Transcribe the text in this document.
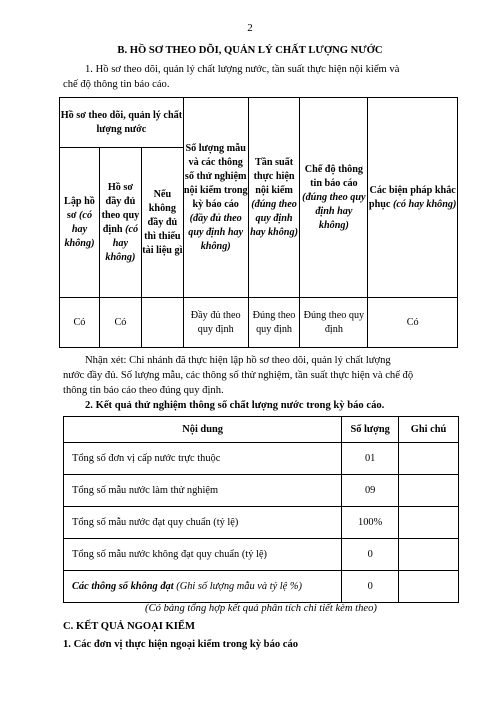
2
B. HỒ SƠ THEO DÕI, QUẢN LÝ CHẤT LƯỢNG NƯỚC
1. Hồ sơ theo dõi, quản lý chất lượng nước, tần suất thực hiện nội kiểm và
chế độ thông tin báo cáo.
Hồ sơ theo dõi, quản lý chất lượng nước			Số lượng mẫu và các thông số thử nghiệm nội kiểm trong kỳ báo cáo (đầy đủ theo quy định hay không)	Tần suất thực hiện nội kiểm (đúng theo quy định hay không)	Chế độ thông tin báo cáo (đúng theo quy định hay không)	Các biện pháp khắc phục (có hay không)
Lập hồ sơ (có hay không)	Hồ sơ đầy đủ theo quy định (có hay không)	Nếu không đầy đủ thì thiếu tài liệu gì				
Có	Có		Đầy đủ theo quy định	Đúng theo quy định	Đúng theo quy định	Có
Nhận xét: Chi nhánh đã thực hiện lập hồ sơ theo dõi, quản lý chất lượng
nước đầy đủ. Số lượng mẫu, các thông số thử nghiệm, tần suất thực hiện và chế độ
thông tin báo cáo theo đúng quy định.
2. Kết quả thử nghiệm thông số chất lượng nước trong kỳ báo cáo.
Nội dung	Số lượng	Ghi chú
Tổng số đơn vị cấp nước trực thuộc	01	
Tổng số mẫu nước làm thử nghiệm	09	
Tổng số mẫu nước đạt quy chuẩn (tỷ lệ)	100%	
Tổng số mẫu nước không đạt quy chuẩn (tỷ lệ)	0	
Các thông số không đạt (Ghi số lượng mẫu và tỷ lệ %)	0	
(Có bảng tổng hợp kết quả phân tích chi tiết kèm theo)
C. KẾT QUẢ NGOẠI KIỂM
1. Các đơn vị thực hiện ngoại kiểm trong kỳ báo cáo
